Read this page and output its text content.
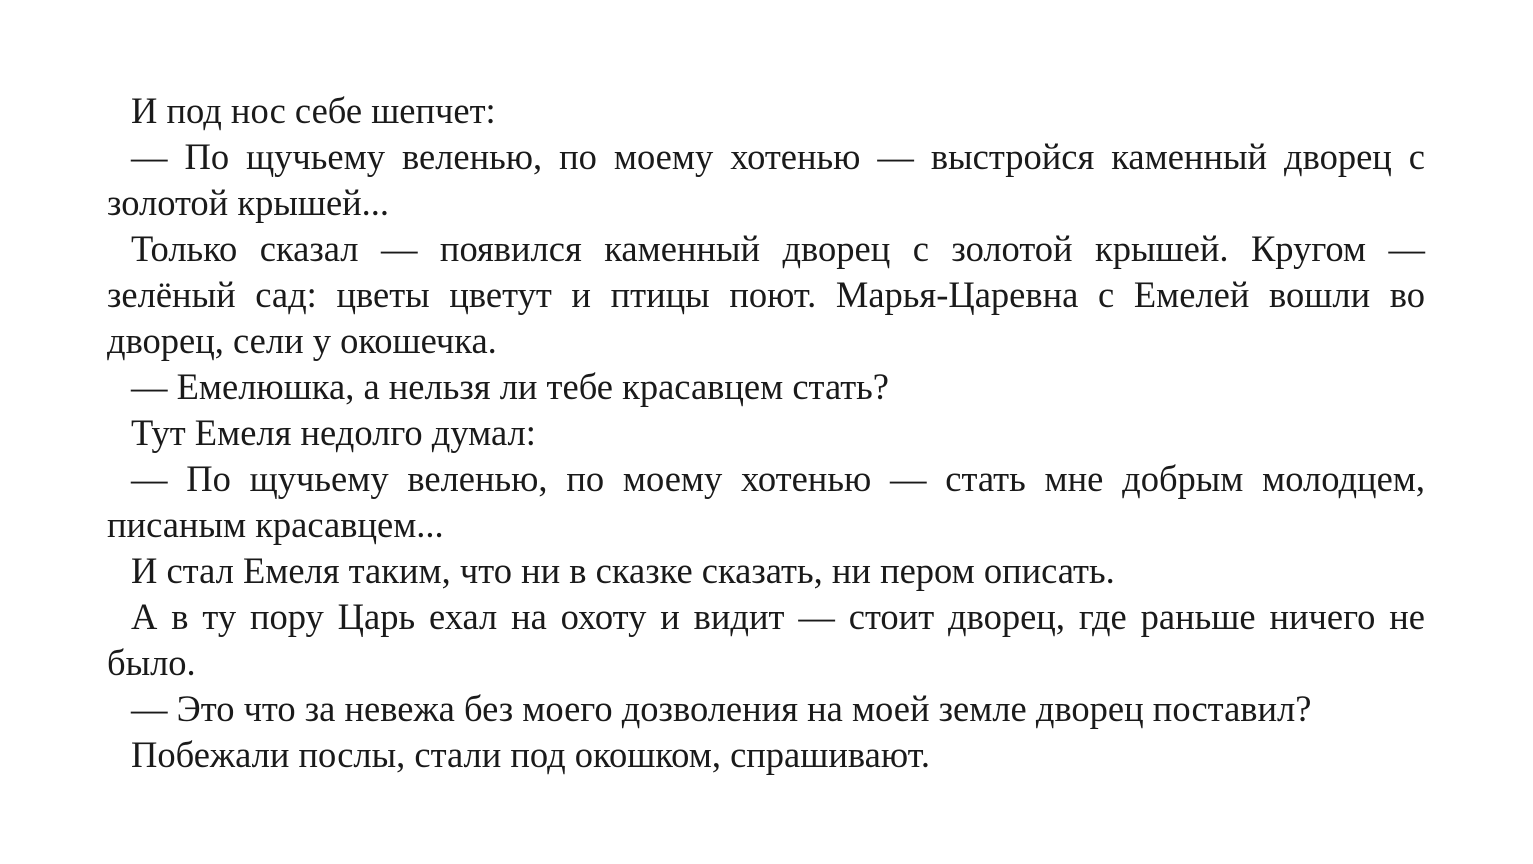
И под нос себе шепчет:

— По щучьему веленью, по моему хотенью — выстройся каменный дворец с золотой крышей...

Только сказал — появился каменный дворец с золотой крышей. Кругом — зелёный сад: цветы цветут и птицы поют. Марья-Царевна с Емелей вошли во дворец, сели у окошечка.

— Емелюшка, а нельзя ли тебе красавцем стать?

Тут Емеля недолго думал:

— По щучьему веленью, по моему хотенью — стать мне добрым молодцем, писаным красавцем...

И стал Емеля таким, что ни в сказке сказать, ни пером описать.

А в ту пору Царь ехал на охоту и видит — стоит дворец, где раньше ничего не было.

— Это что за невежа без моего дозволения на моей земле дворец поставил?

Побежали послы, стали под окошком, спрашивают.
